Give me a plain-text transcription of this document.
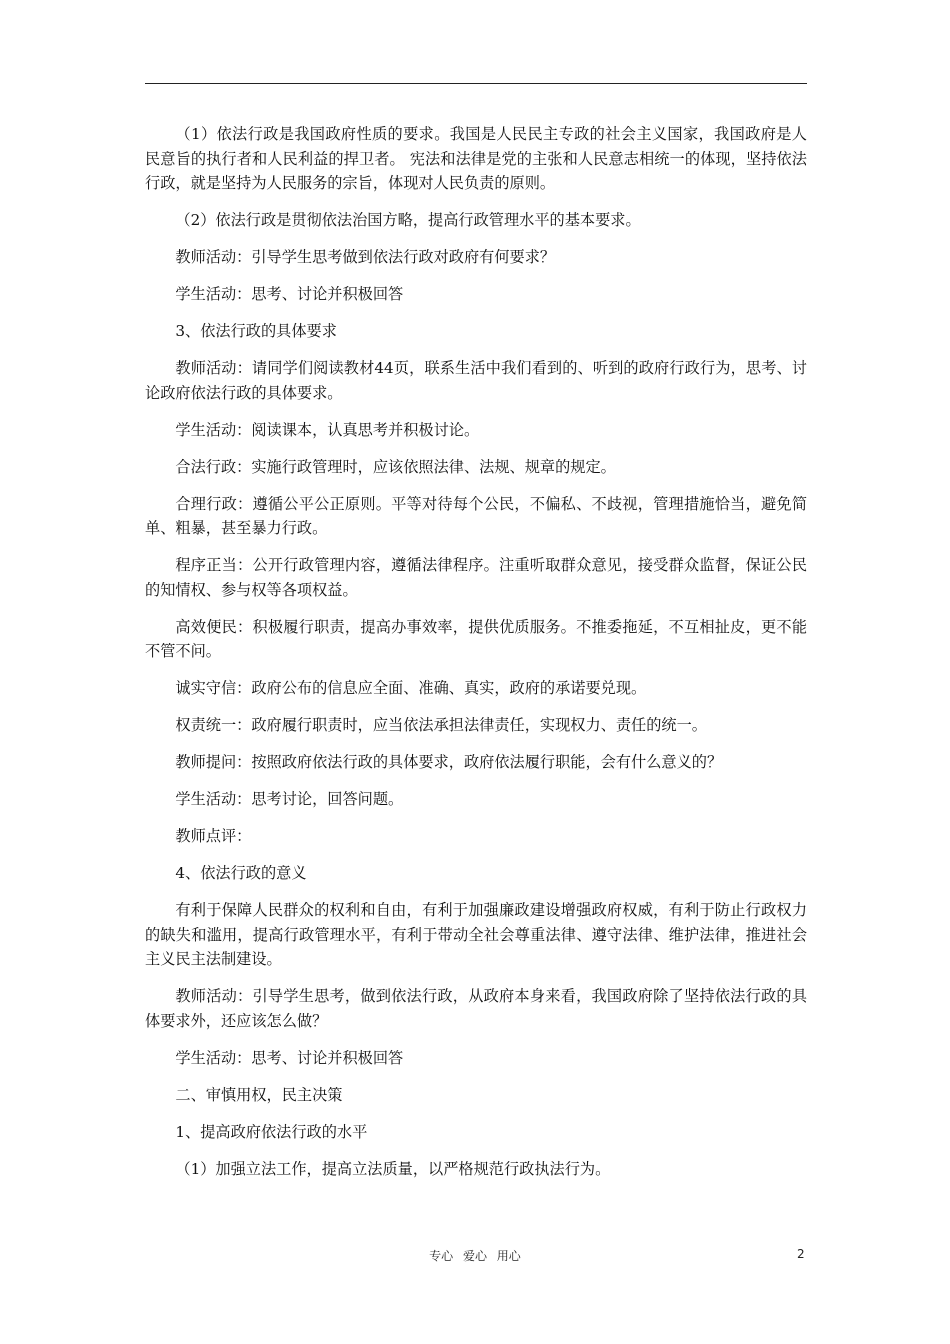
（1）依法行政是我国政府性质的要求。我国是人民民主专政的社会主义国家，我国政府是人民意旨的执行者和人民利益的捍卫者。 宪法和法律是党的主张和人民意志相统一的体现，坚持依法行政，就是坚持为人民服务的宗旨，体现对人民负责的原则。

（2）依法行政是贯彻依法治国方略，提高行政管理水平的基本要求。

教师活动：引导学生思考做到依法行政对政府有何要求？

学生活动：思考、讨论并积极回答

3、依法行政的具体要求

教师活动：请同学们阅读教材44页，联系生活中我们看到的、听到的政府行政行为，思考、讨论政府依法行政的具体要求。

学生活动：阅读课本，认真思考并积极讨论。

合法行政：实施行政管理时，应该依照法律、法规、规章的规定。

合理行政：遵循公平公正原则。平等对待每个公民，不偏私、不歧视，管理措施恰当，避免简单、粗暴，甚至暴力行政。

程序正当：公开行政管理内容，遵循法律程序。注重听取群众意见，接受群众监督，保证公民的知情权、参与权等各项权益。

高效便民：积极履行职责，提高办事效率，提供优质服务。不推委拖延，不互相扯皮，更不能不管不问。

诚实守信：政府公布的信息应全面、准确、真实，政府的承诺要兑现。

权责统一：政府履行职责时，应当依法承担法律责任，实现权力、责任的统一。

教师提问：按照政府依法行政的具体要求，政府依法履行职能，会有什么意义的？

学生活动：思考讨论，回答问题。

教师点评：

4、依法行政的意义

有利于保障人民群众的权利和自由，有利于加强廉政建设增强政府权威，有利于防止行政权力的缺失和滥用，提高行政管理水平，有利于带动全社会尊重法律、遵守法律、维护法律，推进社会主义民主法制建设。

教师活动：引导学生思考，做到依法行政，从政府本身来看，我国政府除了坚持依法行政的具体要求外，还应该怎么做？

学生活动：思考、讨论并积极回答

二、审慎用权，民主决策

1、提高政府依法行政的水平

（1）加强立法工作，提高立法质量，以严格规范行政执法行为。

专心 爱心 用心	2
